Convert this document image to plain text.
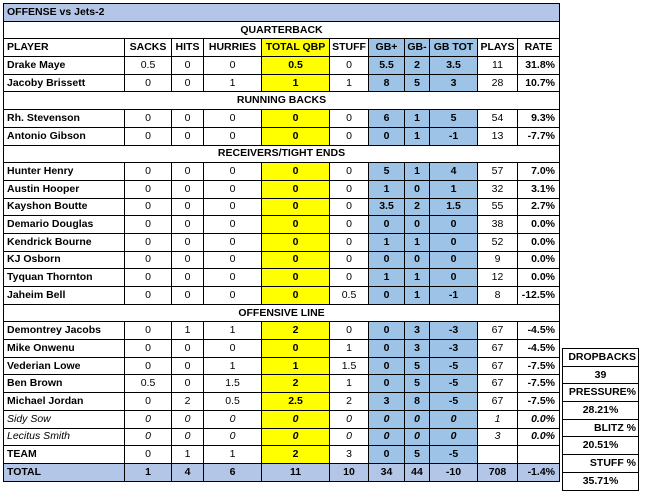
OFFENSE vs Jets-2										
QUARTERBACK										
PLAYER	SACKS	HITS	HURRIES	TOTAL QBP	STUFF	GB+	GB-	GB TOT	PLAYS	RATE
Drake Maye	0.5	0	0	0.5	0	5.5	2	3.5	11	31.8%
Jacoby Brissett	0	0	1	1	1	8	5	3	28	10.7%
RUNNING BACKS										
Rh. Stevenson	0	0	0	0	0	6	1	5	54	9.3%
Antonio Gibson	0	0	0	0	0	0	1	-1	13	-7.7%
RECEIVERS/TIGHT ENDS										
Hunter Henry	0	0	0	0	0	5	1	4	57	7.0%
Austin Hooper	0	0	0	0	0	1	0	1	32	3.1%
Kayshon Boutte	0	0	0	0	0	3.5	2	1.5	55	2.7%
Demario Douglas	0	0	0	0	0	0	0	0	38	0.0%
Kendrick Bourne	0	0	0	0	0	1	1	0	52	0.0%
KJ Osborn	0	0	0	0	0	0	0	0	9	0.0%
Tyquan Thornton	0	0	0	0	0	1	1	0	12	0.0%
Jaheim Bell	0	0	0	0	0.5	0	1	-1	8	-12.5%
OFFENSIVE LINE										
Demontrey Jacobs	0	1	1	2	0	0	3	-3	67	-4.5%
Mike Onwenu	0	0	0	0	1	0	3	-3	67	-4.5%
Vederian Lowe	0	0	1	1	1.5	0	5	-5	67	-7.5%
Ben Brown	0.5	0	1.5	2	1	0	5	-5	67	-7.5%
Michael Jordan	0	2	0.5	2.5	2	3	8	-5	67	-7.5%
Sidy Sow	0	0	0	0	0	0	0	0	1	0.0%
Lecitus Smith	0	0	0	0	0	0	0	0	3	0.0%
TEAM	0	1	1	2	3	0	5	-5		
TOTAL	1	4	6	11	10	34	44	-10	708	-1.4%
DROPBACKS
39
PRESSURE%
28.21%
BLITZ %
20.51%
STUFF %
35.71%
